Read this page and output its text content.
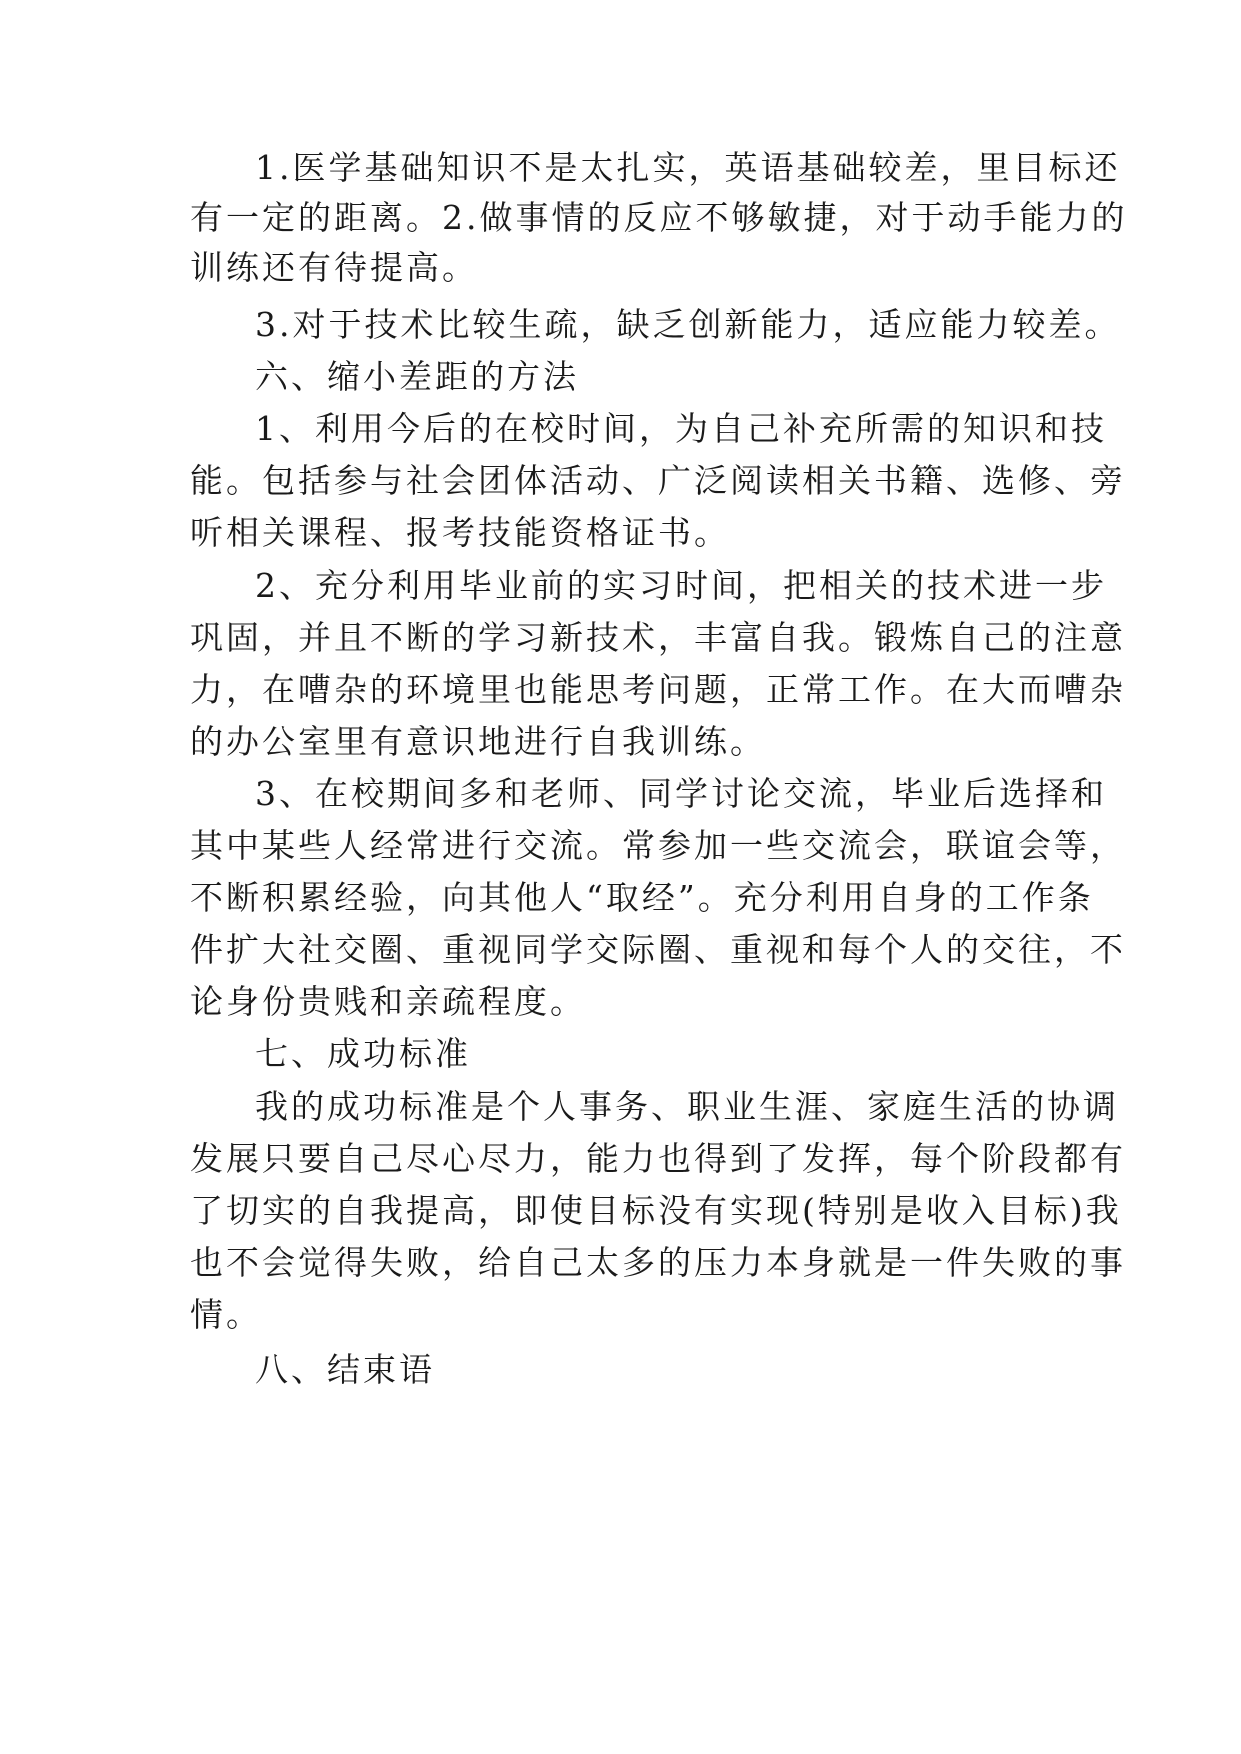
1.医学基础知识不是太扎实，英语基础较差，里目标还
有一定的距离。2.做事情的反应不够敏捷，对于动手能力的
训练还有待提高。
3.对于技术比较生疏，缺乏创新能力，适应能力较差。
六、缩小差距的方法
1、利用今后的在校时间，为自己补充所需的知识和技
能。包括参与社会团体活动、广泛阅读相关书籍、选修、旁
听相关课程、报考技能资格证书。
2、充分利用毕业前的实习时间，把相关的技术进一步
巩固，并且不断的学习新技术，丰富自我。锻炼自己的注意
力，在嘈杂的环境里也能思考问题，正常工作。在大而嘈杂
的办公室里有意识地进行自我训练。
3、在校期间多和老师、同学讨论交流，毕业后选择和
其中某些人经常进行交流。常参加一些交流会，联谊会等，
不断积累经验，向其他人“取经”。充分利用自身的工作条
件扩大社交圈、重视同学交际圈、重视和每个人的交往，不
论身份贵贱和亲疏程度。
七、成功标准
我的成功标准是个人事务、职业生涯、家庭生活的协调
发展只要自己尽心尽力，能力也得到了发挥，每个阶段都有
了切实的自我提高，即使目标没有实现(特别是收入目标)我
也不会觉得失败，给自己太多的压力本身就是一件失败的事
情。
八、结束语
